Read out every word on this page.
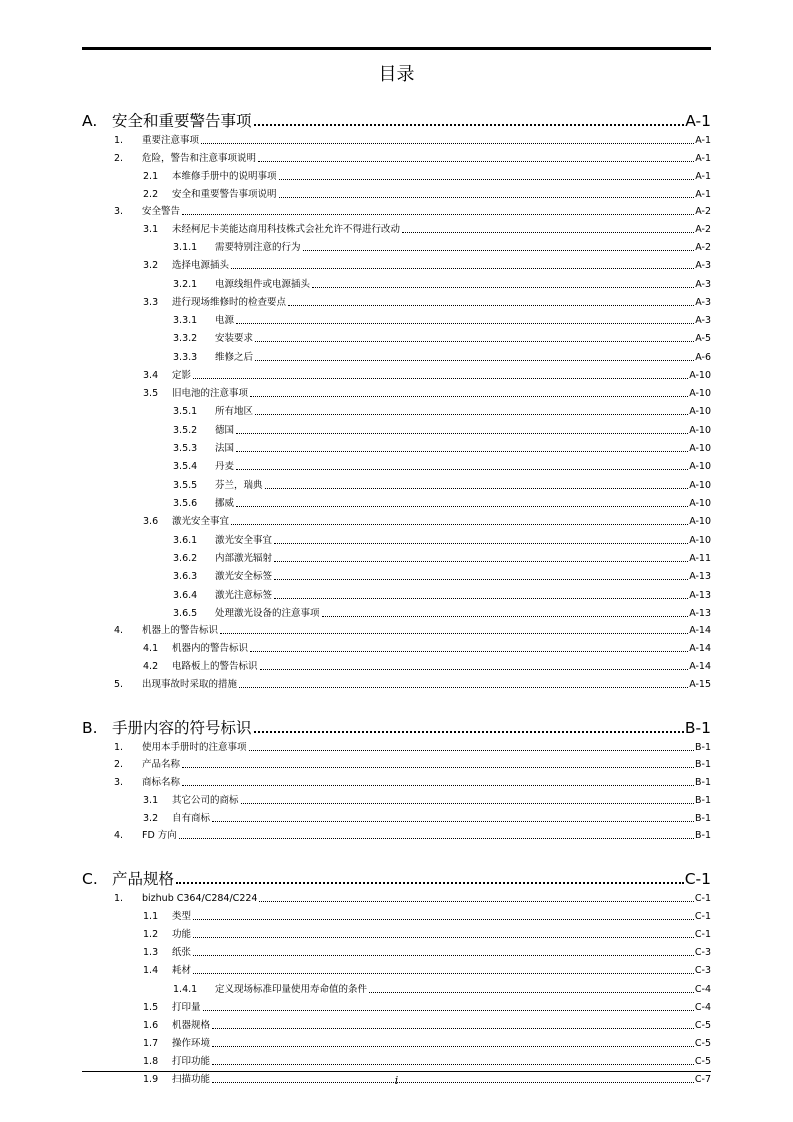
目录
A. 安全和重要警告事项	A-1
1.	重要注意事项	A-1
2.	危险，警告和注意事项说明	A-1
2.1	本维修手册中的说明事项	A-1
2.2	安全和重要警告事项说明	A-1
3.	安全警告	A-2
3.1	未经柯尼卡美能达商用科技株式会社允许不得进行改动	A-2
3.1.1	需要特别注意的行为	A-2
3.2	选择电源插头	A-3
3.2.1	电源线组件或电源插头	A-3
3.3	进行现场维修时的检查要点	A-3
3.3.1	电源	A-3
3.3.2	安装要求	A-5
3.3.3	维修之后	A-6
3.4	定影	A-10
3.5	旧电池的注意事项	A-10
3.5.1	所有地区	A-10
3.5.2	德国	A-10
3.5.3	法国	A-10
3.5.4	丹麦	A-10
3.5.5	芬兰，瑞典	A-10
3.5.6	挪威	A-10
3.6	激光安全事宜	A-10
3.6.1	激光安全事宜	A-10
3.6.2	内部激光辐射	A-11
3.6.3	激光安全标签	A-13
3.6.4	激光注意标签	A-13
3.6.5	处理激光设备的注意事项	A-13
4.	机器上的警告标识	A-14
4.1	机器内的警告标识	A-14
4.2	电路板上的警告标识	A-14
5.	出现事故时采取的措施	A-15
B. 手册内容的符号标识	B-1
1.	使用本手册时的注意事项	B-1
2.	产品名称	B-1
3.	商标名称	B-1
3.1	其它公司的商标	B-1
3.2	自有商标	B-1
4.	FD 方向	B-1
C. 产品规格	C-1
1.	bizhub C364/C284/C224	C-1
1.1	类型	C-1
1.2	功能	C-1
1.3	纸张	C-3
1.4	耗材	C-3
1.4.1	定义现场标准印量使用寿命值的条件	C-4
1.5	打印量	C-4
1.6	机器规格	C-5
1.7	操作环境	C-5
1.8	打印功能	C-5
1.9	扫描功能	C-7
i
